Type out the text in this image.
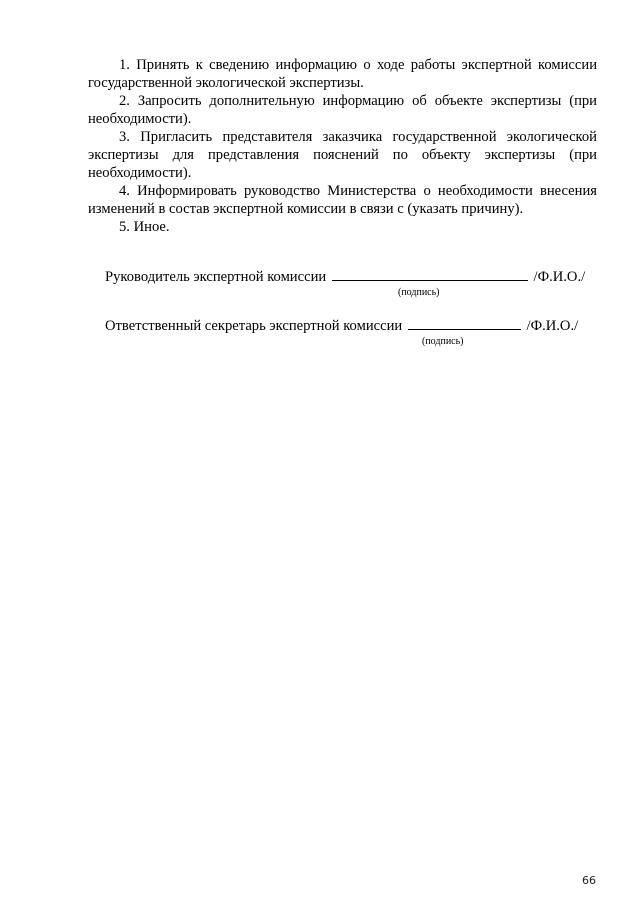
1. Принять к сведению информацию о ходе работы экспертной комиссии государственной экологической экспертизы.

2. Запросить дополнительную информацию об объекте экспертизы (при необходимости).

3. Пригласить представителя заказчика государственной экологической экспертизы для представления пояснений по объекту экспертизы (при необходимости).

4. Информировать руководство Министерства о необходимости внесения изменений в состав экспертной комиссии в связи с (указать причину).

5. Иное.

Руководитель экспертной комиссии	/Ф.И.О./
(подпись)
Ответственный секретарь экспертной комиссии	/Ф.И.О./
(подпись)
66
